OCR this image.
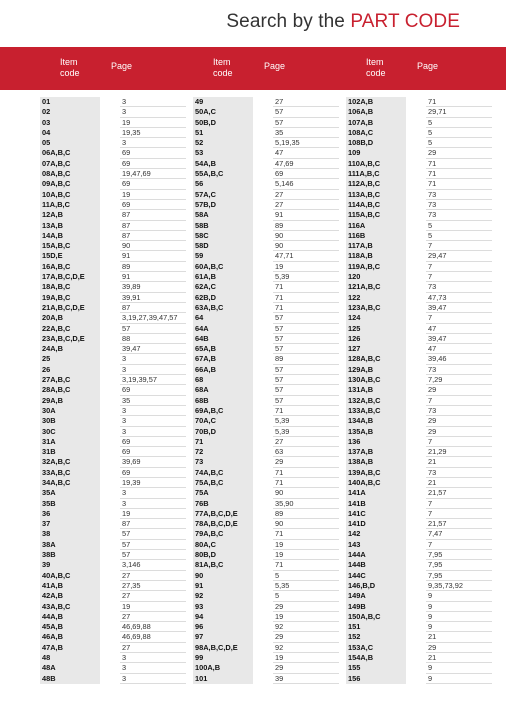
Search by the PART CODE
Item
code
Page	Item
code
Page	Item
code
Page
01	3
02	3
03	19
04	19,35
05	3
06A,B,C	69
07A,B,C	69
08A,B,C	19,47,69
09A,B,C	69
10A,B,C	19
11A,B,C	69
12A,B	87
13A,B	87
14A,B	87
15A,B,C	90
15D,E	91
16A,B,C	89
17A,B,C,D,E	91
18A,B,C	39,89
19A,B,C	39,91
21A,B,C,D,E	87
20A,B	3,19,27,39,47,57
22A,B,C	57
23A,B,C,D,E	88
24A,B	39,47
25	3
26	3
27A,B,C	3,19,39,57
28A,B,C	69
29A,B	35
30A	3
30B	3
30C	3
31A	69
31B	69
32A,B,C	39,69
33A,B,C	69
34A,B,C	19,39
35A	3
35B	3
36	19
37	87
38	57
38A	57
38B	57
39	3,146
40A,B,C	27
41A,B	27,35
42A,B	27
43A,B,C	19
44A,B	27
45A,B	46,69,88
46A,B	46,69,88
47A,B	27
48	3
48A	3
48B	3
49	27
50A,C	57
50B,D	57
51	35
52	5,19,35
53	47
54A,B	47,69
55A,B,C	69
56	5,146
57A,C	27
57B,D	27
58A	91
58B	89
58C	90
58D	90
59	47,71
60A,B,C	19
61A,B	5,39
62A,C	71
62B,D	71
63A,B,C	71
64	57
64A	57
64B	57
65A,B	57
67A,B	89
66A,B	57
68	57
68A	57
68B	57
69A,B,C	71
70A,C	5,39
70B,D	5,39
71	27
72	63
73	29
74A,B,C	71
75A,B,C	71
75A	90
76B	35,90
77A,B,C,D,E	89
78A,B,C,D,E	90
79A,B,C	71
80A,C	19
80B,D	19
81A,B,C	71
90	5
91	5,35
92	5
93	29
94	19
96	92
97	29
98A,B,C,D,E	92
99	19
100A,B	29
101	39
102A,B	71
106A,B	29,71
107A,B	5
108A,C	5
108B,D	5
109	29
110A,B,C	71
111A,B,C	71
112A,B,C	71
113A,B,C	73
114A,B,C	73
115A,B,C	73
116A	5
116B	5
117A,B	7
118A,B	29,47
119A,B,C	7
120	7
121A,B,C	73
122	47,73
123A,B,C	39,47
124	7
125	47
126	39,47
127	47
128A,B,C	39,46
129A,B	73
130A,B,C	7,29
131A,B	29
132A,B,C	7
133A,B,C	73
134A,B	29
135A,B	29
136	7
137A,B	21,29
138A,B	21
139A,B,C	73
140A,B,C	21
141A	21,57
141B	7
141C	7
141D	21,57
142	7,47
143	7
144A	7,95
144B	7,95
144C	7,95
146,B,D	9,35,73,92
149A	9
149B	9
150A,B,C	9
151	9
152	21
153A,C	29
154A,B	21
155	9
156	9
